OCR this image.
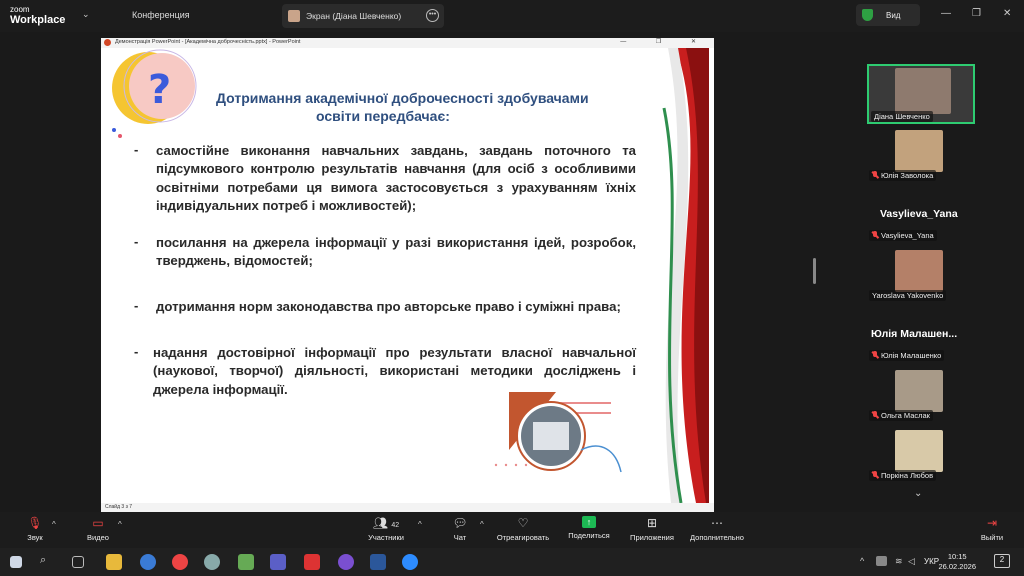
zoom
Workplace ⌄	Конференция	Экран (Діана Шевченко)	•••	Вид	— ❐ ✕
Демонстрація PowerPoint - [Академічна доброчесність.pptx] - PowerPoint	— ❐ ✕
?	Дотримання академічної доброчесності здобувачами
освіти передбачає:
- самостійне виконання навчальних завдань, завдань поточного та підсумкового контролю результатів навчання (для осіб з особливими освітніми потребами ця вимога застосовується з урахуванням їхніх індивідуальних потреб і можливостей);
- посилання на джерела інформації у разі використання ідей, розробок, тверджень, відомостей;
- дотримання норм законодавства про авторське право і суміжні права;
- надання достовірної інформації про результати власної навчальної (наукової, творчої) діяльності, використані методики досліджень і джерела інформації.
Слайд 3 з 7
Діана Шевченко
Юлія Заволока
Vasylieva_Yana
Vasylieva_Yana
Yaroslava Yakovenko
Юлія Малашен...
Юлія Малашенко
Ольга Маслак
Поркіна Любов
⌄
🎙︎
Звук
^	▭
Видео
^	👥︎ 42
Участники
^	💬︎
Чат
^	♡
Отреагировать
↑
Поделиться
⊞
Приложения
⋯
Дополнительно
⇥
Выйти
⌕	^	≋ ◁ УКР
10:15
26.02.2026
2
